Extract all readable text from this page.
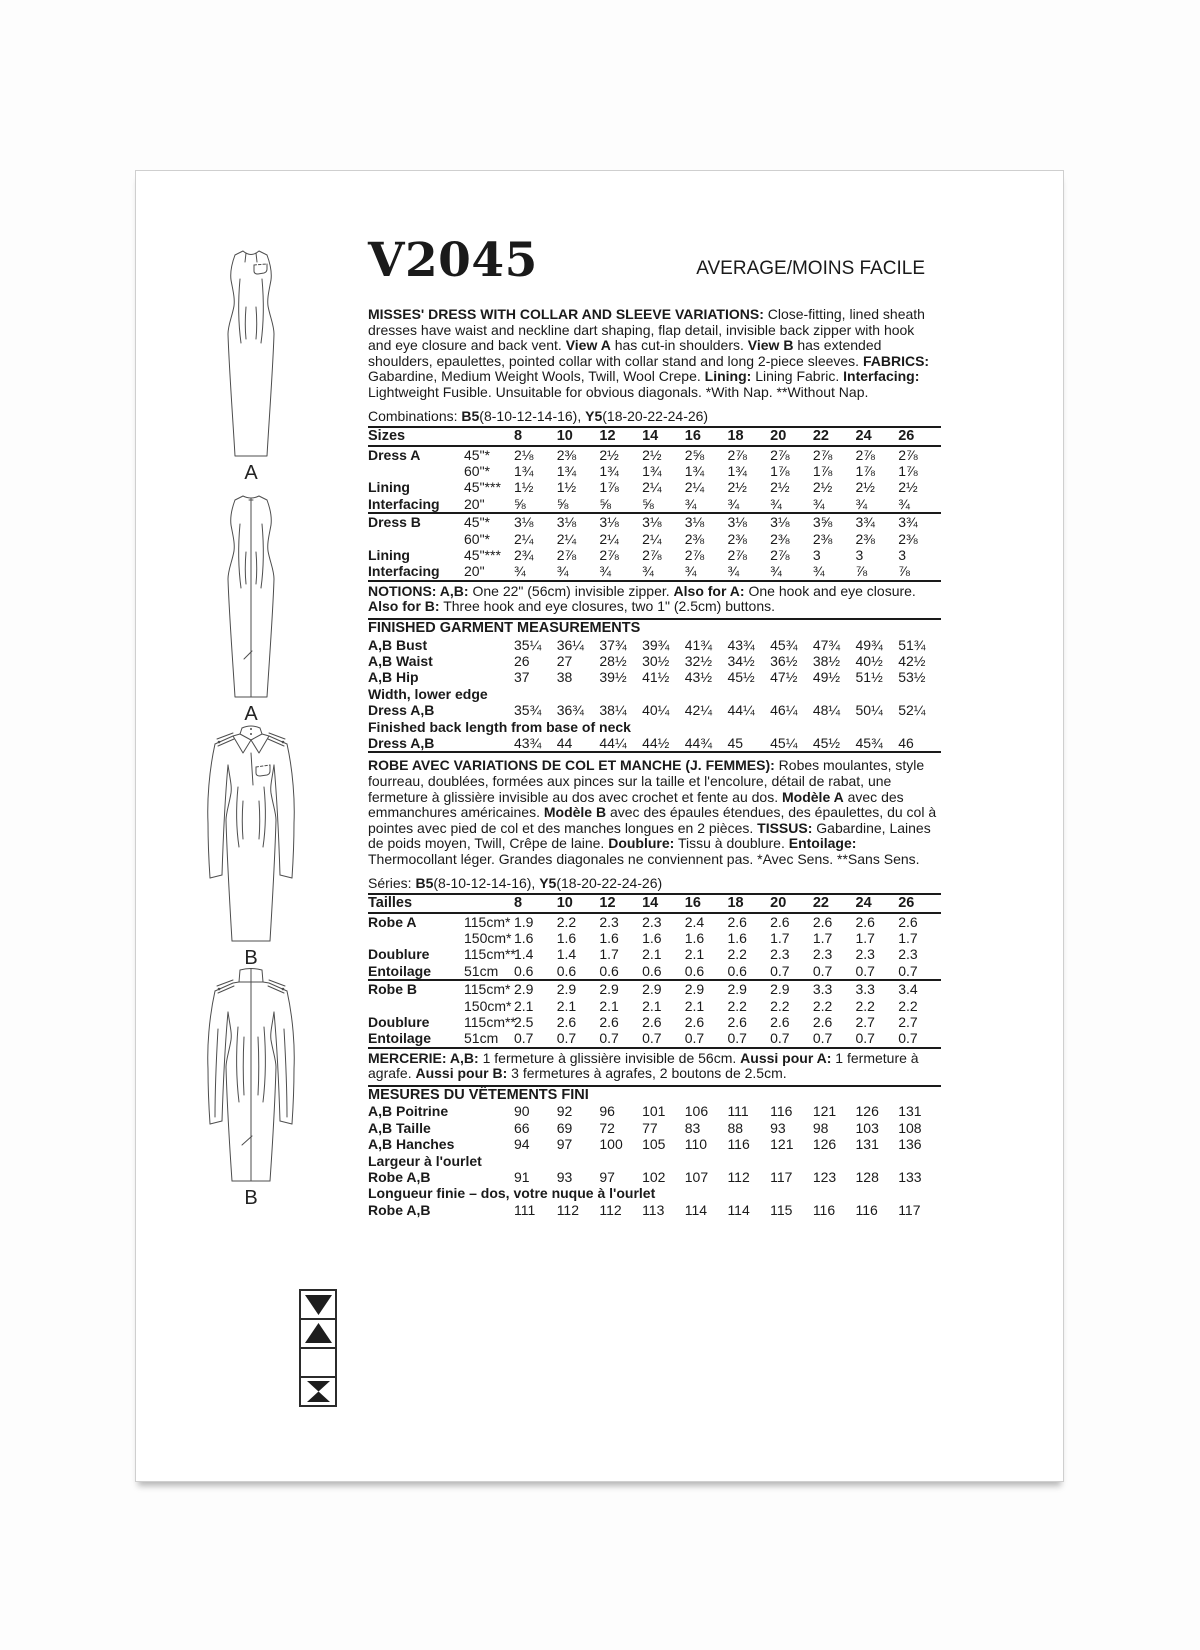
A
A
B
B
V2045	AVERAGE/MOINS FACILE

MISSES' DRESS WITH COLLAR AND SLEEVE VARIATIONS: Close-fitting, lined sheath dresses have waist and neckline dart shaping, flap detail, invisible back zipper with hook and eye closure and back vent. View A has cut-in shoulders. View B has extended shoulders, epaulettes, pointed collar with collar stand and long 2-piece sleeves. FABRICS: Gabardine, Medium Weight Wools, Twill, Wool Crepe. Lining: Lining Fabric. Interfacing: Lightweight Fusible. Unsuitable for obvious diagonals. *With Nap. **Without Nap.

Combinations: B5(8-10-12-14-16), Y5(18-20-22-24-26)

Sizes		8	10	12	14	16	18	20	22	24	26
Dress A	45"*	2⅛	2⅜	2½	2½	2⅝	2⅞	2⅞	2⅞	2⅞	2⅞
	60"*	1¾	1¾	1¾	1¾	1¾	1¾	1⅞	1⅞	1⅞	1⅞
Lining	45"***	1½	1½	1⅞	2¼	2¼	2½	2½	2½	2½	2½
Interfacing	20"	⅝	⅝	⅝	⅝	¾	¾	¾	¾	¾	¾
Dress B	45"*	3⅛	3⅛	3⅛	3⅛	3⅛	3⅛	3⅛	3⅝	3¾	3¾
	60"*	2¼	2¼	2¼	2¼	2⅜	2⅜	2⅜	2⅜	2⅜	2⅜
Lining	45"***	2¾	2⅞	2⅞	2⅞	2⅞	2⅞	2⅞	3	3	3
Interfacing	20"	¾	¾	¾	¾	¾	¾	¾	¾	⅞	⅞

NOTIONS: A,B: One 22" (56cm) invisible zipper. Also for A: One hook and eye closure. Also for B: Three hook and eye closures, two 1" (2.5cm) buttons.

FINISHED GARMENT MEASUREMENTS
A,B Bust	35¼	36¼	37¾	39¾	41¾	43¾	45¾	47¾	49¾	51¾
A,B Waist	26	27	28½	30½	32½	34½	36½	38½	40½	42½
A,B Hip	37	38	39½	41½	43½	45½	47½	49½	51½	53½
Width, lower edge										
Dress A,B	35¾	36¾	38¼	40¼	42¼	44¼	46¼	48¼	50¼	52¼
Finished back length from base of neck										
Dress A,B	43¾	44	44¼	44½	44¾	45	45¼	45½	45¾	46

ROBE AVEC VARIATIONS DE COL ET MANCHE (J. FEMMES): Robes moulantes, style fourreau, doublées, formées aux pinces sur la taille et l'encolure, détail de rabat, une fermeture à glissière invisible au dos avec crochet et fente au dos. Modèle A avec des emmanchures américaines. Modèle B avec des épaules étendues, des épaulettes, du col à pointes avec pied de col et des manches longues en 2 pièces. TISSUS: Gabardine, Laines de poids moyen, Twill, Crêpe de laine. Doublure: Tissu à doublure. Entoilage: Thermocollant léger. Grandes diagonales ne conviennent pas. *Avec Sens. **Sans Sens.

Séries: B5(8-10-12-14-16), Y5(18-20-22-24-26)

Tailles		8	10	12	14	16	18	20	22	24	26
Robe A	115cm*	1.9	2.2	2.3	2.3	2.4	2.6	2.6	2.6	2.6	2.6
	150cm*	1.6	1.6	1.6	1.6	1.6	1.6	1.7	1.7	1.7	1.7
Doublure	115cm**	1.4	1.4	1.7	2.1	2.1	2.2	2.3	2.3	2.3	2.3
Entoilage	51cm	0.6	0.6	0.6	0.6	0.6	0.6	0.7	0.7	0.7	0.7
Robe B	115cm*	2.9	2.9	2.9	2.9	2.9	2.9	2.9	3.3	3.3	3.4
	150cm*	2.1	2.1	2.1	2.1	2.1	2.2	2.2	2.2	2.2	2.2
Doublure	115cm**	2.5	2.6	2.6	2.6	2.6	2.6	2.6	2.6	2.7	2.7
Entoilage	51cm	0.7	0.7	0.7	0.7	0.7	0.7	0.7	0.7	0.7	0.7

MERCERIE: A,B: 1 fermeture à glissière invisible de 56cm. Aussi pour A: 1 fermeture à agrafe. Aussi pour B: 3 fermetures à agrafes, 2 boutons de 2.5cm.

MESURES DU VÊTEMENTS FINI
A,B Poitrine	90	92	96	101	106	111	116	121	126	131
A,B Taille	66	69	72	77	83	88	93	98	103	108
A,B Hanches	94	97	100	105	110	116	121	126	131	136
Largeur à l'ourlet										
Robe A,B	91	93	97	102	107	112	117	123	128	133
Longueur finie – dos, votre nuque à l'ourlet										
Robe A,B	111	112	112	113	114	114	115	116	116	117
